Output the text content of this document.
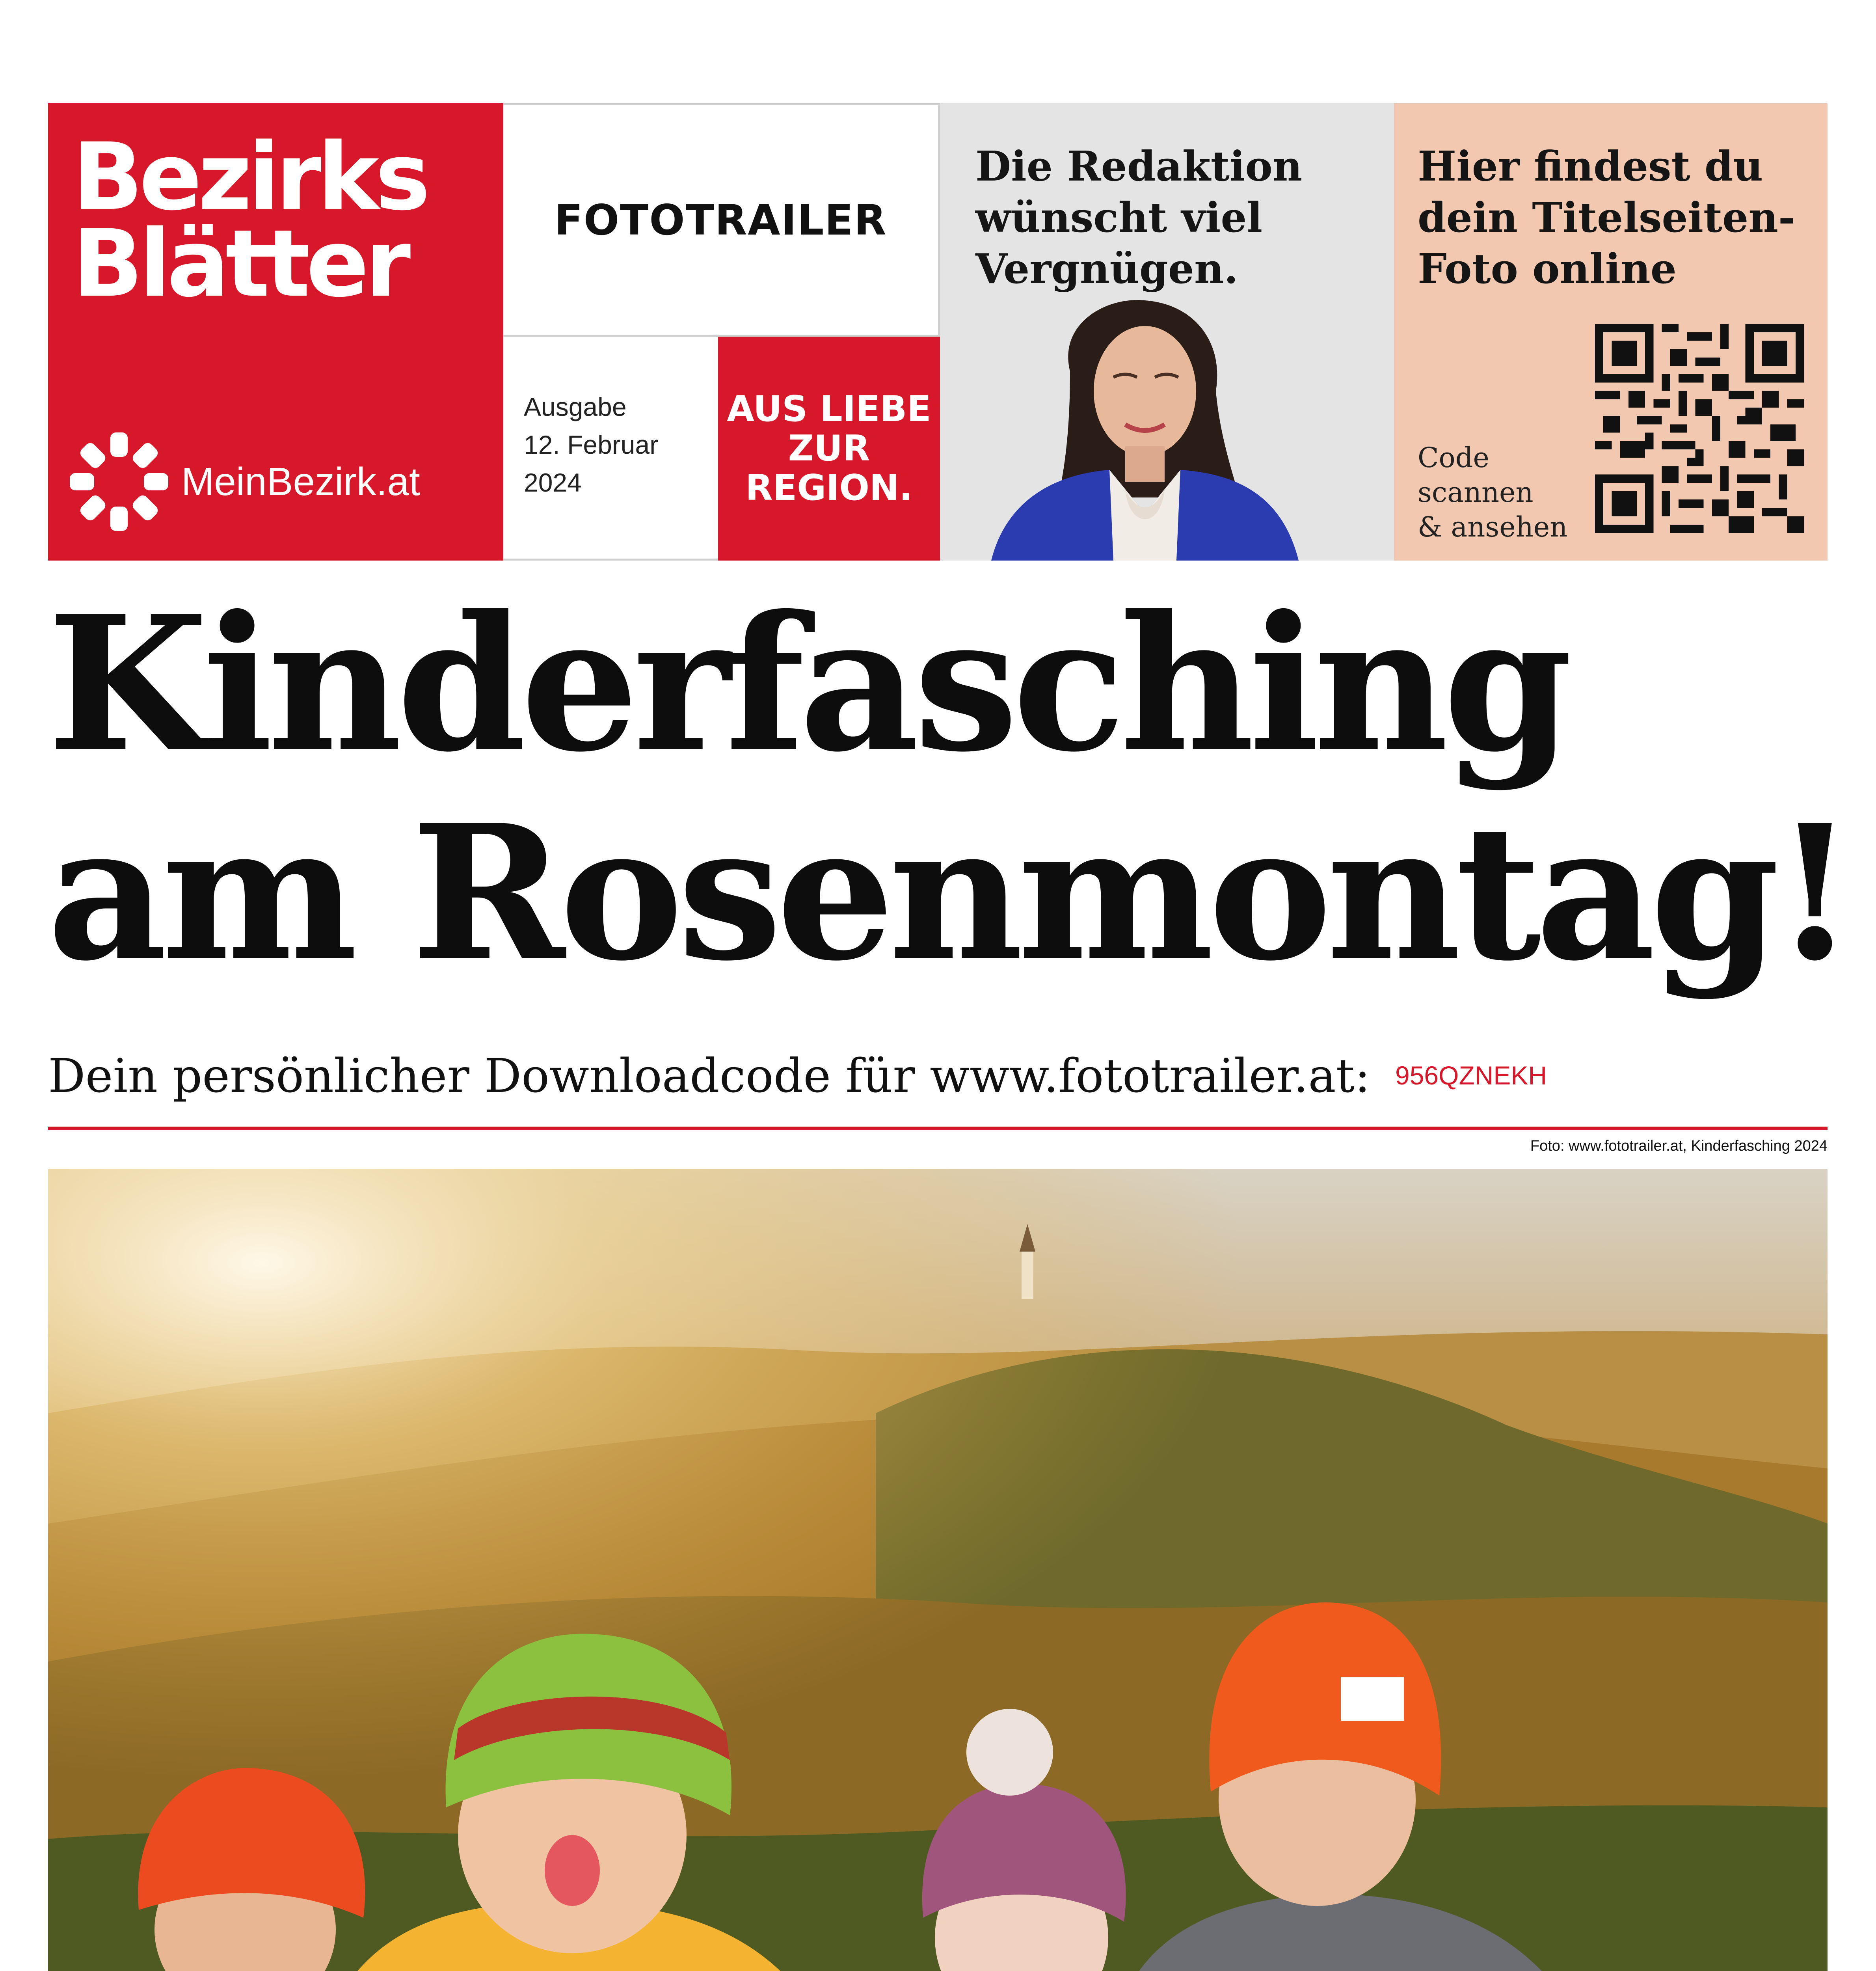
Bezirks
Blätter
MeinBezirk.at
FOTOTRAILER
Ausgabe
12. Februar
2024
AUS LIEBE
ZUR
REGION.
Die Redaktion
wünscht viel
Vergnügen.
Hier findest du
dein Titelseiten-
Foto online
Code
scannen
& ansehen
Kinderfasching
am Rosenmontag!
Dein persönlicher Downloadcode für www.fototrailer.at: 956QZNEKH
Foto: www.fototrailer.at, Kinderfasching 2024
